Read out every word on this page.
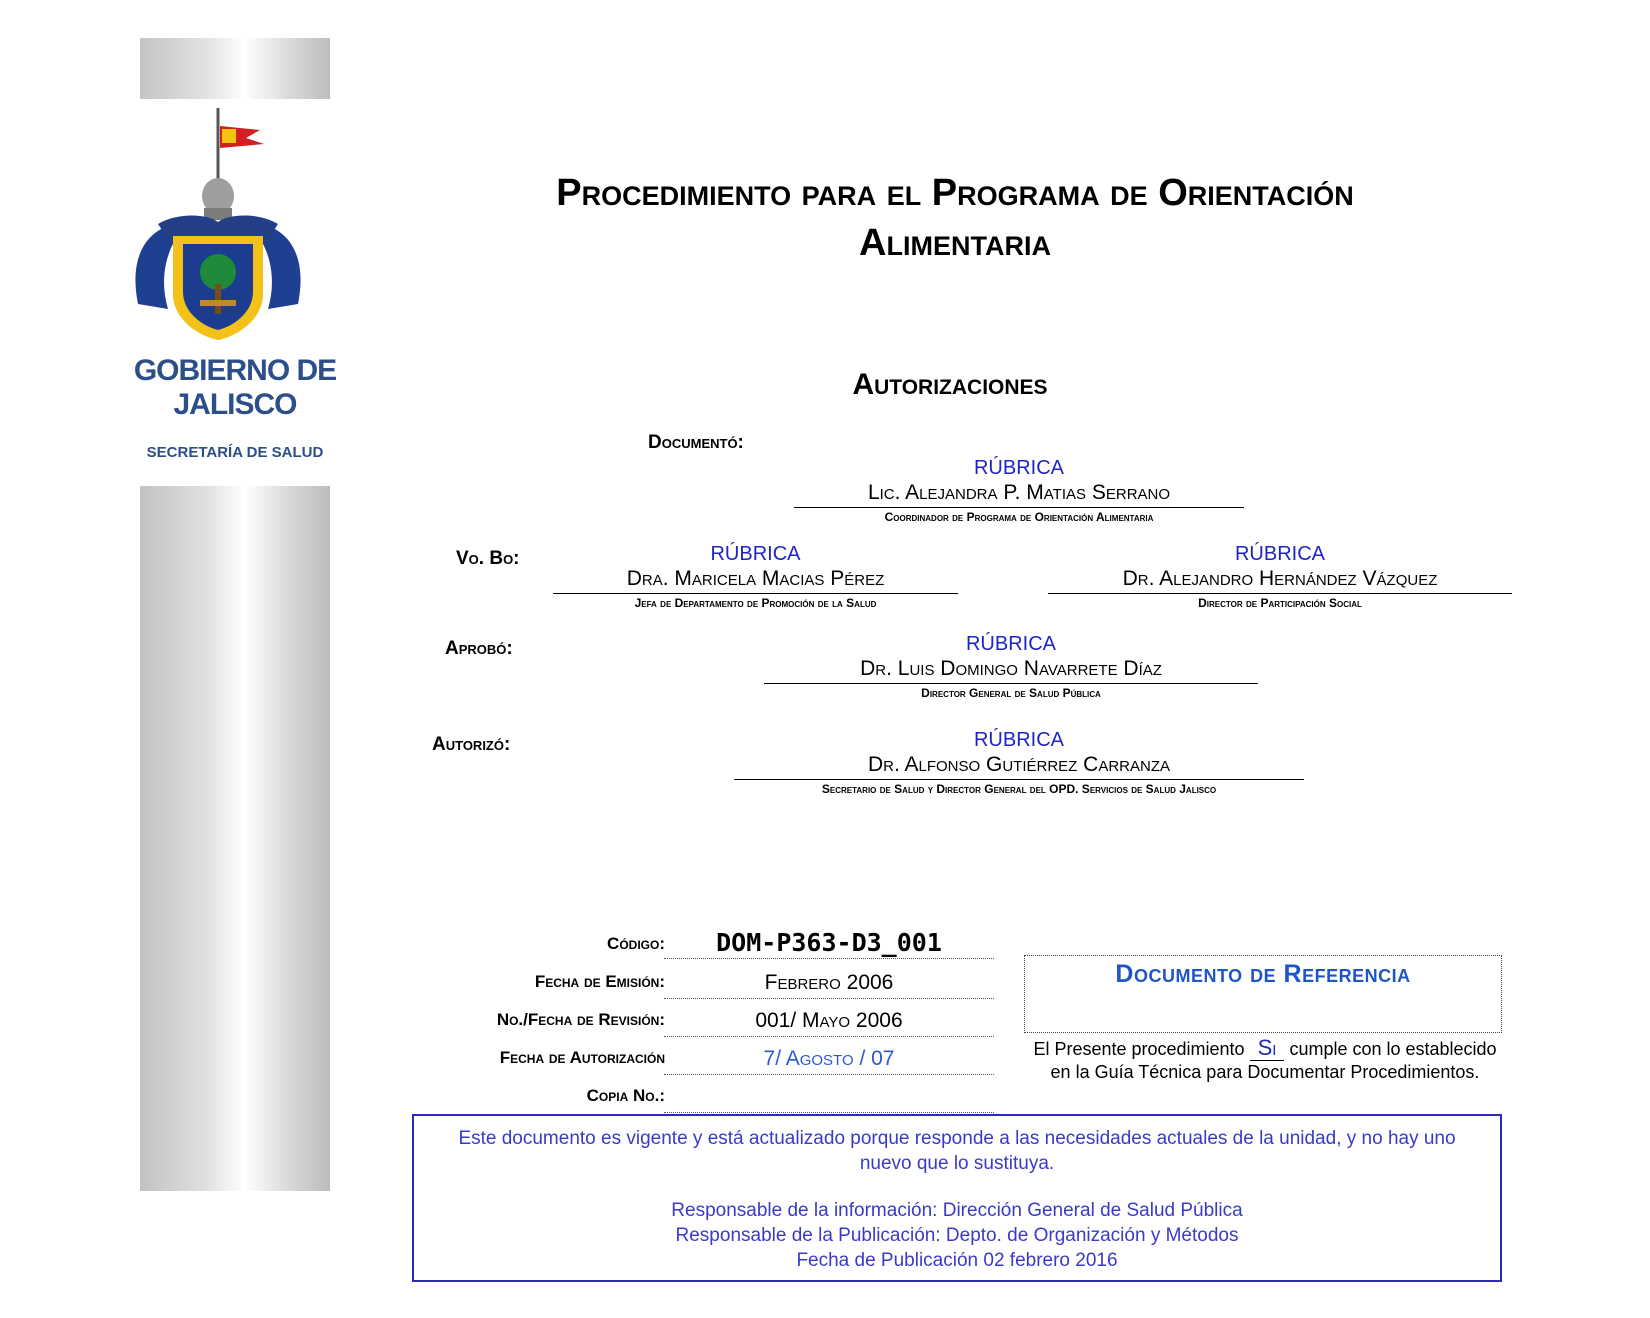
GOBIERNO DE JALISCO
SECRETARÍA DE SALUD
Procedimiento para el Programa de Orientación
Alimentaria
Autorizaciones
Documentó:
RÚBRICA
Lic. Alejandra P. Matias Serrano
Coordinador de Programa de Orientación Alimentaria
Vo. Bo:	RÚBRICA
Dra. Maricela Macias Pérez
Jefa de Departamento de Promoción de la Salud
RÚBRICA
Dr. Alejandro Hernández Vázquez
Director de Participación Social
Aprobó:	RÚBRICA
Dr. Luis Domingo Navarrete Díaz
Director General de Salud Pública
Autorizó:	RÚBRICA
Dr. Alfonso Gutiérrez Carranza
Secretario de Salud y Director General del OPD. Servicios de Salud Jalisco
Código:	DOM-P363-D3_001
Fecha de Emisión:	Febrero 2006
No./Fecha de Revisión:	001/ Mayo 2006
Fecha de Autorización	7/ Agosto / 07
Copia No.:
Documento de Referencia
El Presente procedimiento Si cumple con lo establecido en la Guía Técnica para Documentar Procedimientos.
Este documento es vigente y está actualizado porque responde a las necesidades actuales de la unidad, y no hay uno nuevo que lo sustituya.
Responsable de la información: Dirección General de Salud Pública
Responsable de la Publicación: Depto. de Organización y Métodos
Fecha de Publicación 02 febrero 2016
